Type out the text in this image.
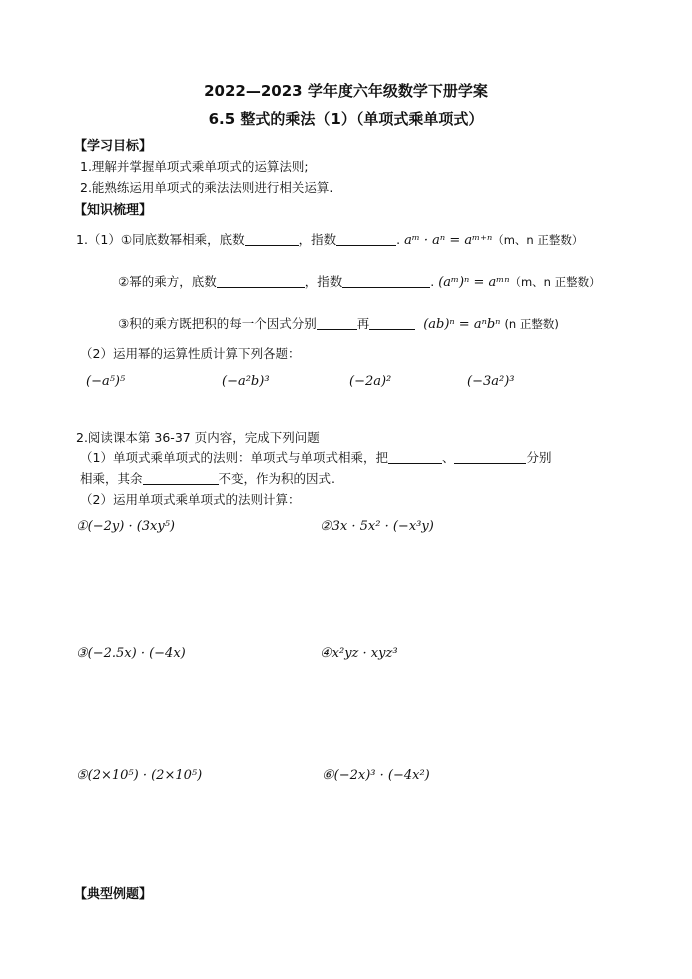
2022—2023 学年度六年级数学下册学案
6.5 整式的乘法（1）（单项式乘单项式）
【学习目标】
1.理解并掌握单项式乘单项式的运算法则;
2.能熟练运用单项式的乘法法则进行相关运算.
【知识梳理】
1.（1）①同底数幂相乘，底数	，指数	. aᵐ · aⁿ = aᵐ⁺ⁿ（m、n 正整数）
②幂的乘方，底数	，指数	. (aᵐ)ⁿ = aᵐⁿ（m、n 正整数）
③积的乘方既把积的每一个因式分别	再	(ab)ⁿ = aⁿbⁿ (n 正整数)
（2）运用幂的运算性质计算下列各题：
(−a⁵)⁵	(−a²b)³	(−2a)²	(−3a²)³
2.阅读课本第 36-37 页内容，完成下列问题
（1）单项式乘单项式的法则：单项式与单项式相乘，把	、	分别
相乘，其余	不变，作为积的因式.
（2）运用单项式乘单项式的法则计算：
①(−2y) · (3xy⁵)	②3x · 5x² · (−x³y)
③(−2.5x) · (−4x)	④x²yz · xyz³
⑤(2×10⁵) · (2×10⁵)	⑥(−2x)³ · (−4x²)
【典型例题】
